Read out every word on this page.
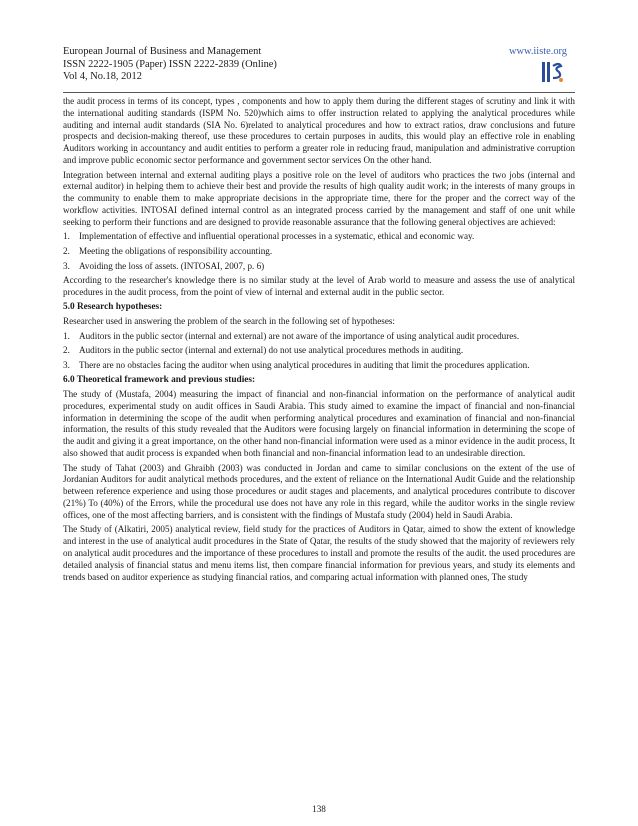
European Journal of Business and Management
ISSN 2222-1905 (Paper) ISSN 2222-2839 (Online)
Vol 4, No.18, 2012
www.iiste.org

the audit process in terms of its concept, types , components and how to apply them during the different stages of scrutiny and link it with the international auditing standards (ISPM No. 520)which aims to offer instruction related to applying the analytical procedures while auditing and internal audit standards (SIA No. 6)related to analytical procedures and how to extract ratios, draw conclusions and future prospects and decision-making thereof, use these procedures to certain purposes in audits, this would play an effective role in enabling Auditors working in accountancy and audit entities to perform a greater role in reducing fraud, manipulation and administrative corruption and improve public economic sector performance and government sector services On the other hand.

Integration between internal and external auditing plays a positive role on the level of auditors who practices the two jobs (internal and external auditor) in helping them to achieve their best and provide the results of high quality audit work; in the interests of many groups in the community to enable them to make appropriate decisions in the appropriate time, there for the proper and the correct way of the workflow activities. INTOSAI defined internal control as an integrated process carried by the management and staff of one unit while seeking to perform their functions and are designed to provide reasonable assurance that the following general objectives are achieved:

1. Implementation of effective and influential operational processes in a systematic, ethical and economic way.
2. Meeting the obligations of responsibility accounting.
3. Avoiding the loss of assets. (INTOSAI, 2007, p. 6)

According to the researcher's knowledge there is no similar study at the level of Arab world to measure and assess the use of analytical procedures in the audit process, from the point of view of internal and external audit in the public sector.

5.0 Research hypotheses:

Researcher used in answering the problem of the search in the following set of hypotheses:

1. Auditors in the public sector (internal and external) are not aware of the importance of using analytical audit procedures.
2. Auditors in the public sector (internal and external) do not use analytical procedures methods in auditing.
3. There are no obstacles facing the auditor when using analytical procedures in auditing that limit the procedures application.
6.0 Theoretical framework and previous studies:

The study of (Mustafa, 2004) measuring the impact of financial and non-financial information on the performance of analytical audit procedures, experimental study on audit offices in Saudi Arabia. This study aimed to examine the impact of financial and non-financial information in determining the scope of the audit when performing analytical procedures and examination of financial and non-financial information, the results of this study revealed that the Auditors were focusing largely on financial information in determining the scope of the audit and giving it a great importance, on the other hand non-financial information were used as a minor evidence in the audit process, It also showed that audit process is expanded when both financial and non-financial information lead to an undesirable direction.

The study of Tahat (2003) and Ghraibh (2003) was conducted in Jordan and came to similar conclusions on the extent of the use of Jordanian Auditors for audit analytical methods procedures, and the extent of reliance on the International Audit Guide and the relationship between reference experience and using those procedures or audit stages and placements, and analytical procedures contribute to discover (21%) To (40%) of the Errors, while the procedural use does not have any role in this regard, while the auditor works in the single review offices, one of the most affecting barriers, and is consistent with the findings of Mustafa study (2004) held in Saudi Arabia.

The Study of (Alkatiri, 2005) analytical review, field study for the practices of Auditors in Qatar, aimed to show the extent of knowledge and interest in the use of analytical audit procedures in the State of Qatar, the results of the study showed that the majority of reviewers rely on analytical audit procedures and the importance of these procedures to install and promote the results of the audit. the used procedures are detailed analysis of financial status and menu items list, then compare financial information for previous years, and study its elements and trends based on auditor experience as studying financial ratios, and comparing actual information with planned ones, The study

138
